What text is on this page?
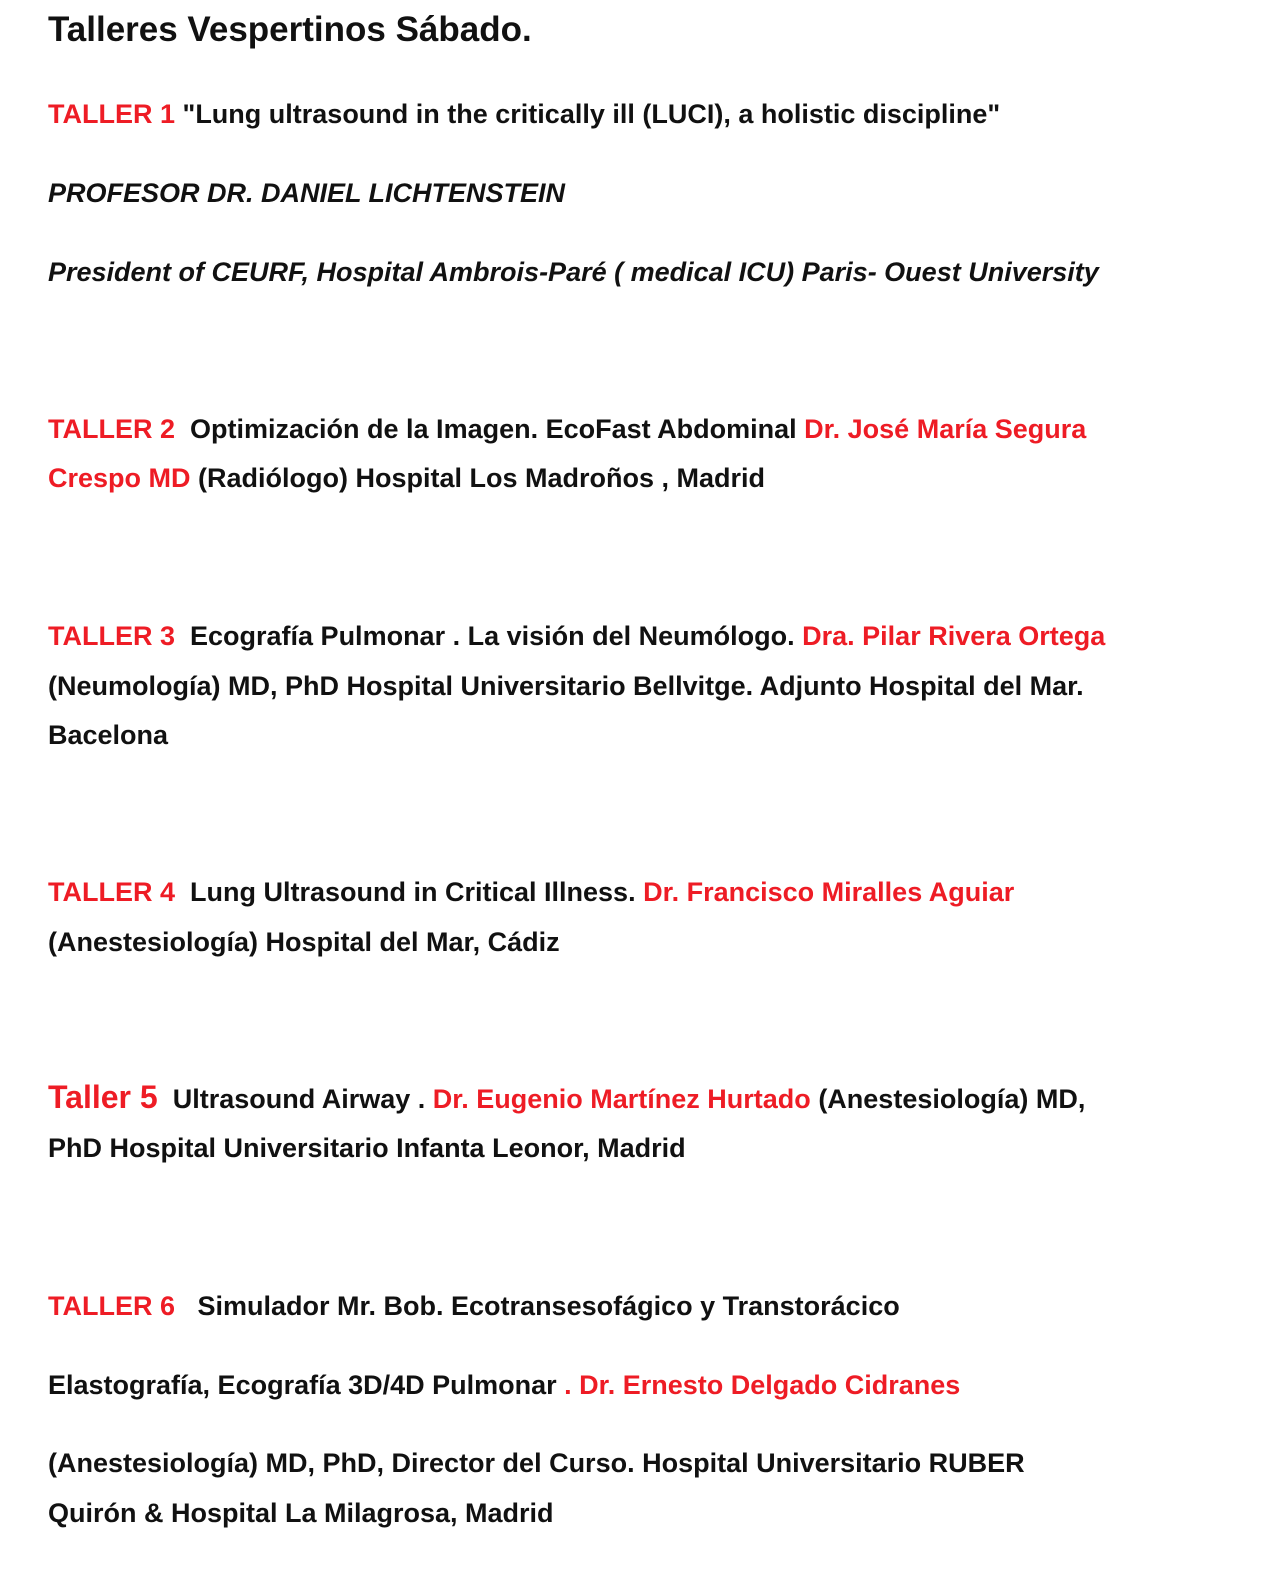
Talleres Vespertinos Sábado.
TALLER 1 "Lung ultrasound in the critically ill (LUCI), a holistic discipline"
PROFESOR DR. DANIEL LICHTENSTEIN
President of CEURF, Hospital Ambrois-Paré ( medical ICU) Paris- Ouest University
TALLER 2 Optimización de la Imagen. EcoFast Abdominal Dr. José María Segura
Crespo MD (Radiólogo) Hospital Los Madroños , Madrid
TALLER 3 Ecografía Pulmonar . La visión del Neumólogo. Dra. Pilar Rivera Ortega
(Neumología) MD, PhD Hospital Universitario Bellvitge. Adjunto Hospital del Mar.
Bacelona
TALLER 4 Lung Ultrasound in Critical Illness. Dr. Francisco Miralles Aguiar
(Anestesiología) Hospital del Mar, Cádiz
Taller 5 Ultrasound Airway . Dr. Eugenio Martínez Hurtado (Anestesiología) MD,
PhD Hospital Universitario Infanta Leonor, Madrid
TALLER 6 Simulador Mr. Bob. Ecotransesofágico y Transtorácico
Elastografía, Ecografía 3D/4D Pulmonar . Dr. Ernesto Delgado Cidranes
(Anestesiología) MD, PhD, Director del Curso. Hospital Universitario RUBER
Quirón & Hospital La Milagrosa, Madrid
